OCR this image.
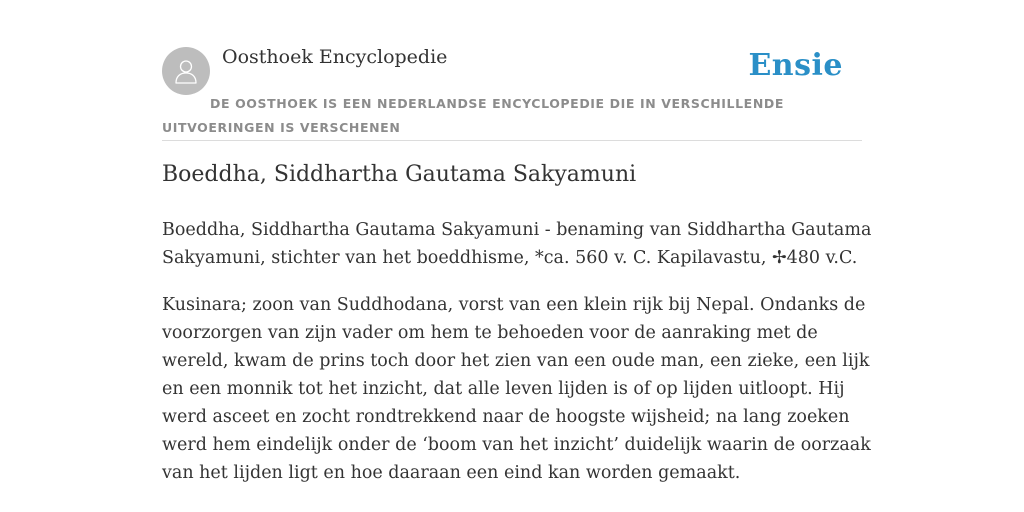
Oosthoek Encyclopedie	Ensie
DE OOSTHOEK IS EEN NEDERLANDSE ENCYCLOPEDIE DIE IN VERSCHILLENDE UITVOERINGEN IS VERSCHENEN
Boeddha, Siddhartha Gautama Sakyamuni

Boeddha, Siddhartha Gautama Sakyamuni - benaming van Siddhartha Gautama Sakyamuni, stichter van het boeddhisme, *ca. 560 v. C. Kapilavastu, ✢480 v.C.

Kusinara; zoon van Suddhodana, vorst van een klein rijk bij Nepal. Ondanks de voorzorgen van zijn vader om hem te behoeden voor de aanraking met de wereld, kwam de prins toch door het zien van een oude man, een zieke, een lijk en een monnik tot het inzicht, dat alle leven lijden is of op lijden uitloopt. Hij werd asceet en zocht rondtrekkend naar de hoogste wijsheid; na lang zoeken werd hem eindelijk onder de ‘boom van het inzicht’ duidelijk waarin de oorzaak van het lijden ligt en hoe daaraan een eind kan worden gemaakt.
